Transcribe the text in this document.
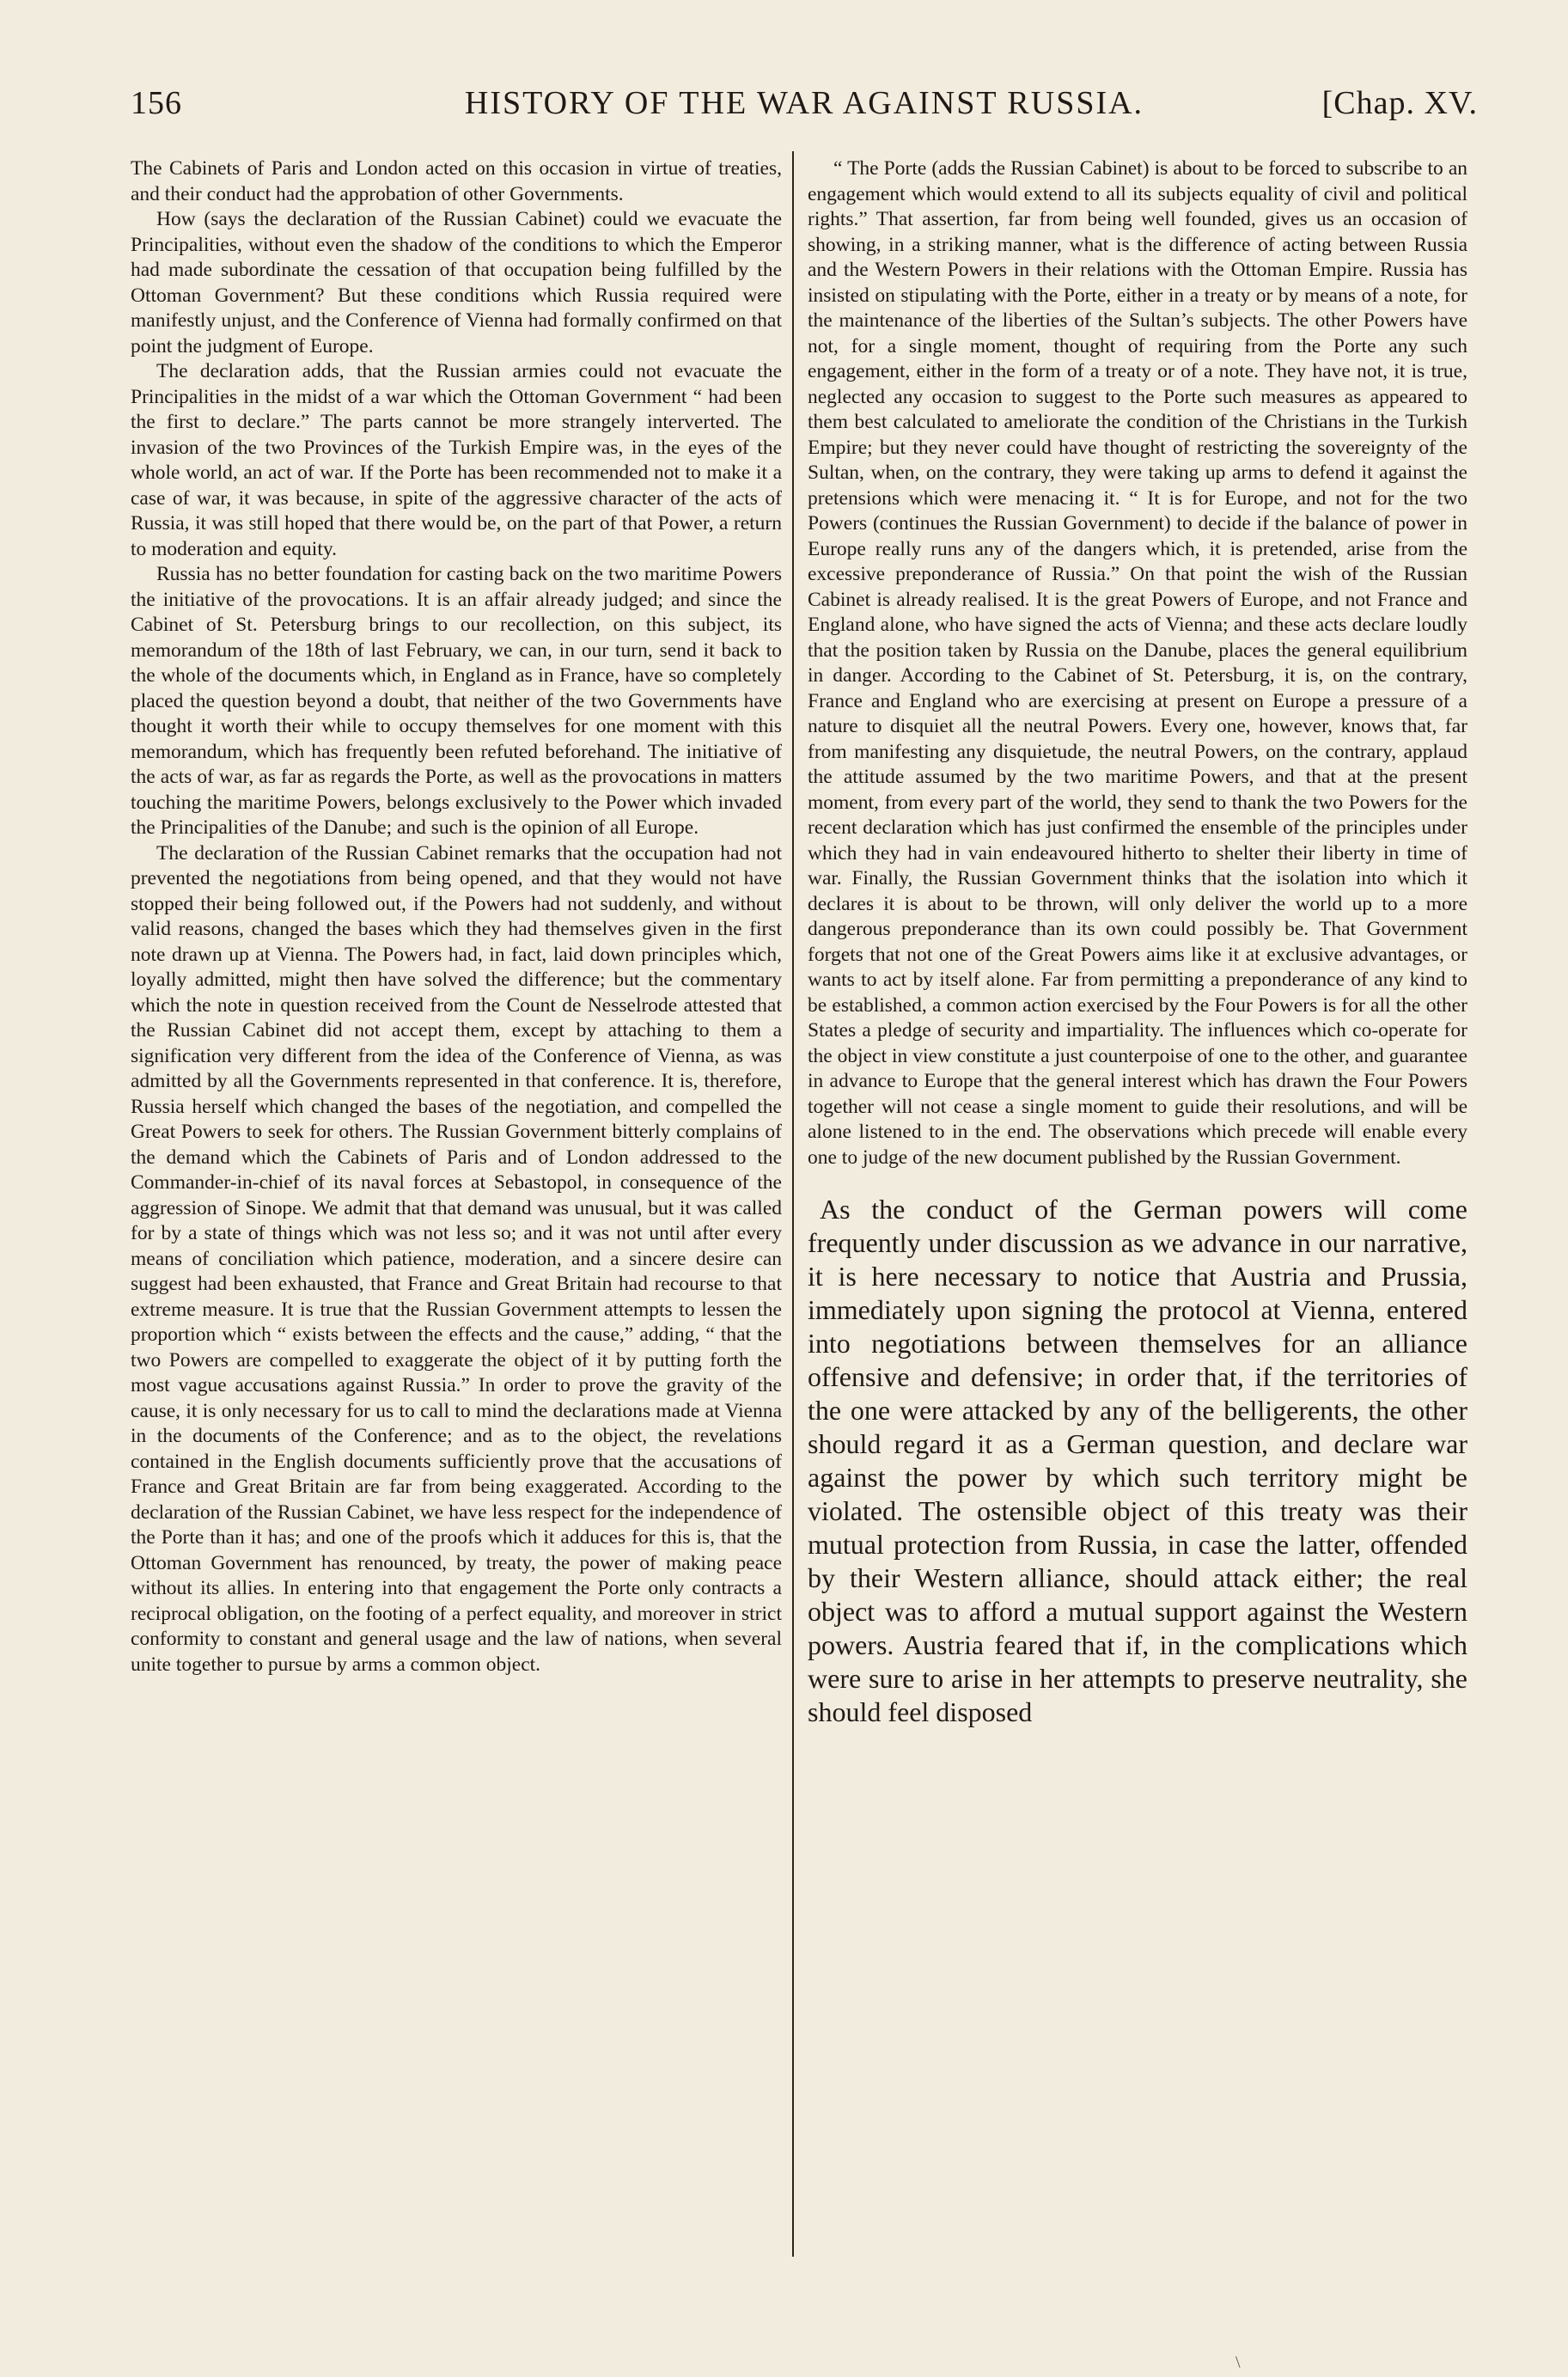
156	HISTORY OF THE WAR AGAINST RUSSIA.	[Chap. XV.

The Cabinets of Paris and London acted on this occasion in virtue of treaties, and their conduct had the approbation of other Governments.

How (says the declaration of the Russian Cabinet) could we evacuate the Principalities, without even the shadow of the conditions to which the Emperor had made subordinate the cessation of that occupation being fulfilled by the Ottoman Government? But these conditions which Russia required were manifestly unjust, and the Conference of Vienna had formally confirmed on that point the judgment of Europe.

The declaration adds, that the Russian armies could not evacuate the Principalities in the midst of a war which the Ottoman Government “ had been the first to declare.” The parts cannot be more strangely interverted. The invasion of the two Provinces of the Turkish Empire was, in the eyes of the whole world, an act of war. If the Porte has been recommended not to make it a case of war, it was because, in spite of the aggressive character of the acts of Russia, it was still hoped that there would be, on the part of that Power, a return to moderation and equity.

Russia has no better foundation for casting back on the two maritime Powers the initiative of the provocations. It is an affair already judged; and since the Cabinet of St. Petersburg brings to our recollection, on this subject, its memorandum of the 18th of last February, we can, in our turn, send it back to the whole of the documents which, in England as in France, have so completely placed the question beyond a doubt, that neither of the two Governments have thought it worth their while to occupy themselves for one moment with this memorandum, which has frequently been refuted beforehand. The initiative of the acts of war, as far as regards the Porte, as well as the provocations in matters touching the maritime Powers, belongs exclusively to the Power which invaded the Principalities of the Danube; and such is the opinion of all Europe.

The declaration of the Russian Cabinet remarks that the occupation had not prevented the negotiations from being opened, and that they would not have stopped their being followed out, if the Powers had not suddenly, and without valid reasons, changed the bases which they had themselves given in the first note drawn up at Vienna. The Powers had, in fact, laid down principles which, loyally admitted, might then have solved the difference; but the commentary which the note in question received from the Count de Nesselrode attested that the Russian Cabinet did not accept them, except by attaching to them a signification very different from the idea of the Conference of Vienna, as was admitted by all the Governments represented in that conference. It is, therefore, Russia herself which changed the bases of the negotiation, and compelled the Great Powers to seek for others. The Russian Government bitterly complains of the demand which the Cabinets of Paris and of London addressed to the Commander-in-chief of its naval forces at Sebastopol, in consequence of the aggression of Sinope. We admit that that demand was unusual, but it was called for by a state of things which was not less so; and it was not until after every means of conciliation which patience, moderation, and a sincere desire can suggest had been exhausted, that France and Great Britain had recourse to that extreme measure. It is true that the Russian Government attempts to lessen the proportion which “ exists between the effects and the cause,” adding, “ that the two Powers are compelled to exaggerate the object of it by putting forth the most vague accusations against Russia.” In order to prove the gravity of the cause, it is only necessary for us to call to mind the declarations made at Vienna in the documents of the Conference; and as to the object, the revelations contained in the English documents sufficiently prove that the accusations of France and Great Britain are far from being exaggerated. According to the declaration of the Russian Cabinet, we have less respect for the independence of the Porte than it has; and one of the proofs which it adduces for this is, that the Ottoman Government has renounced, by treaty, the power of making peace without its allies. In entering into that engagement the Porte only contracts a reciprocal obligation, on the footing of a perfect equality, and moreover in strict conformity to constant and general usage and the law of nations, when several unite together to pursue by arms a common object.

“ The Porte (adds the Russian Cabinet) is about to be forced to subscribe to an engagement which would extend to all its subjects equality of civil and political rights.” That assertion, far from being well founded, gives us an occasion of showing, in a striking manner, what is the difference of acting between Russia and the Western Powers in their relations with the Ottoman Empire. Russia has insisted on stipulating with the Porte, either in a treaty or by means of a note, for the maintenance of the liberties of the Sultan’s subjects. The other Powers have not, for a single moment, thought of requiring from the Porte any such engagement, either in the form of a treaty or of a note. They have not, it is true, neglected any occasion to suggest to the Porte such measures as appeared to them best calculated to ameliorate the condition of the Christians in the Turkish Empire; but they never could have thought of restricting the sovereignty of the Sultan, when, on the contrary, they were taking up arms to defend it against the pretensions which were menacing it. “ It is for Europe, and not for the two Powers (continues the Russian Government) to decide if the balance of power in Europe really runs any of the dangers which, it is pretended, arise from the excessive preponderance of Russia.” On that point the wish of the Russian Cabinet is already realised. It is the great Powers of Europe, and not France and England alone, who have signed the acts of Vienna; and these acts declare loudly that the position taken by Russia on the Danube, places the general equilibrium in danger. According to the Cabinet of St. Petersburg, it is, on the contrary, France and England who are exercising at present on Europe a pressure of a nature to disquiet all the neutral Powers. Every one, however, knows that, far from manifesting any disquietude, the neutral Powers, on the contrary, applaud the attitude assumed by the two maritime Powers, and that at the present moment, from every part of the world, they send to thank the two Powers for the recent declaration which has just confirmed the ensemble of the principles under which they had in vain endeavoured hitherto to shelter their liberty in time of war. Finally, the Russian Government thinks that the isolation into which it declares it is about to be thrown, will only deliver the world up to a more dangerous preponderance than its own could possibly be. That Government forgets that not one of the Great Powers aims like it at exclusive advantages, or wants to act by itself alone. Far from permitting a preponderance of any kind to be established, a common action exercised by the Four Powers is for all the other States a pledge of security and impartiality. The influences which co-operate for the object in view constitute a just counterpoise of one to the other, and guarantee in advance to Europe that the general interest which has drawn the Four Powers together will not cease a single moment to guide their resolutions, and will be alone listened to in the end. The observations which precede will enable every one to judge of the new document published by the Russian Government.

As the conduct of the German powers will come frequently under discussion as we advance in our narrative, it is here necessary to notice that Austria and Prussia, immediately upon signing the protocol at Vienna, entered into negotiations between themselves for an alliance offensive and defensive; in order that, if the territories of the one were attacked by any of the belligerents, the other should regard it as a German question, and declare war against the power by which such territory might be violated. The ostensible object of this treaty was their mutual protection from Russia, in case the latter, offended by their Western alliance, should attack either; the real object was to afford a mutual support against the Western powers. Austria feared that if, in the complications which were sure to arise in her attempts to preserve neutrality, she should feel disposed

\
